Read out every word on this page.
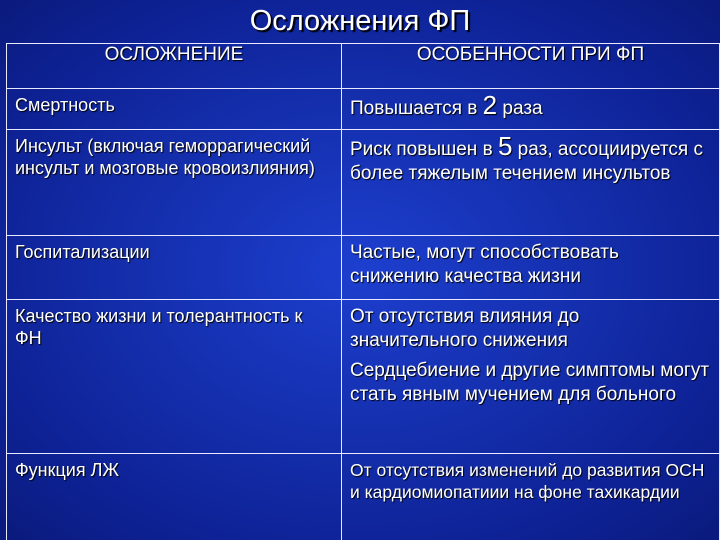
Осложнения ФП
ОСЛОЖНЕНИЕ	ОСОБЕННОСТИ ПРИ ФП
Смертность	Повышается в 2 раза
Инсульт (включая геморрагический инсульт и мозговые кровоизлияния)	Риск повышен в 5 раз, ассоциируется с более тяжелым течением инсультов
Госпитализации	Частые, могут способствовать снижению качества жизни
Качество жизни и толерантность к ФН	От отсутствия влияния до значительного снижения
Сердцебиение и другие симптомы могут стать явным мучением для больного

Функция ЛЖ	От отсутствия изменений до развития ОСН и кардиомиопатиии на фоне тахикардии
